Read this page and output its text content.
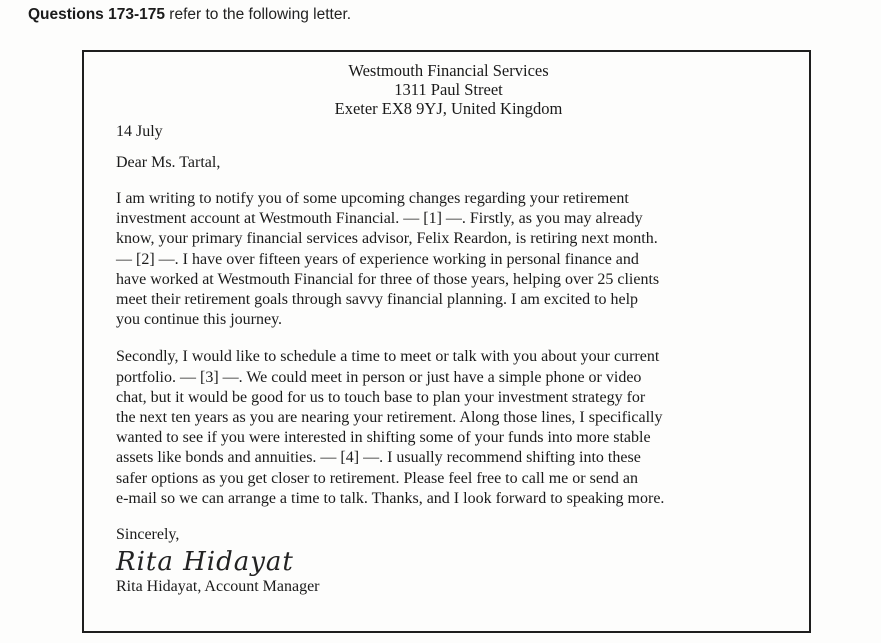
Questions 173-175 refer to the following letter.
Westmouth Financial Services
1311 Paul Street
Exeter EX8 9YJ, United Kingdom
14 July
Dear Ms. Tartal,
I am writing to notify you of some upcoming changes regarding your retirement
investment account at Westmouth Financial. — [1] —. Firstly, as you may already
know, your primary financial services advisor, Felix Reardon, is retiring next month.
— [2] —. I have over fifteen years of experience working in personal finance and
have worked at Westmouth Financial for three of those years, helping over 25 clients
meet their retirement goals through savvy financial planning. I am excited to help
you continue this journey.
Secondly, I would like to schedule a time to meet or talk with you about your current
portfolio. — [3] —. We could meet in person or just have a simple phone or video
chat, but it would be good for us to touch base to plan your investment strategy for
the next ten years as you are nearing your retirement. Along those lines, I specifically
wanted to see if you were interested in shifting some of your funds into more stable
assets like bonds and annuities. — [4] —. I usually recommend shifting into these
safer options as you get closer to retirement. Please feel free to call me or send an
e-mail so we can arrange a time to talk. Thanks, and I look forward to speaking more.
Sincerely,
Rita Hidayat
Rita Hidayat, Account Manager
